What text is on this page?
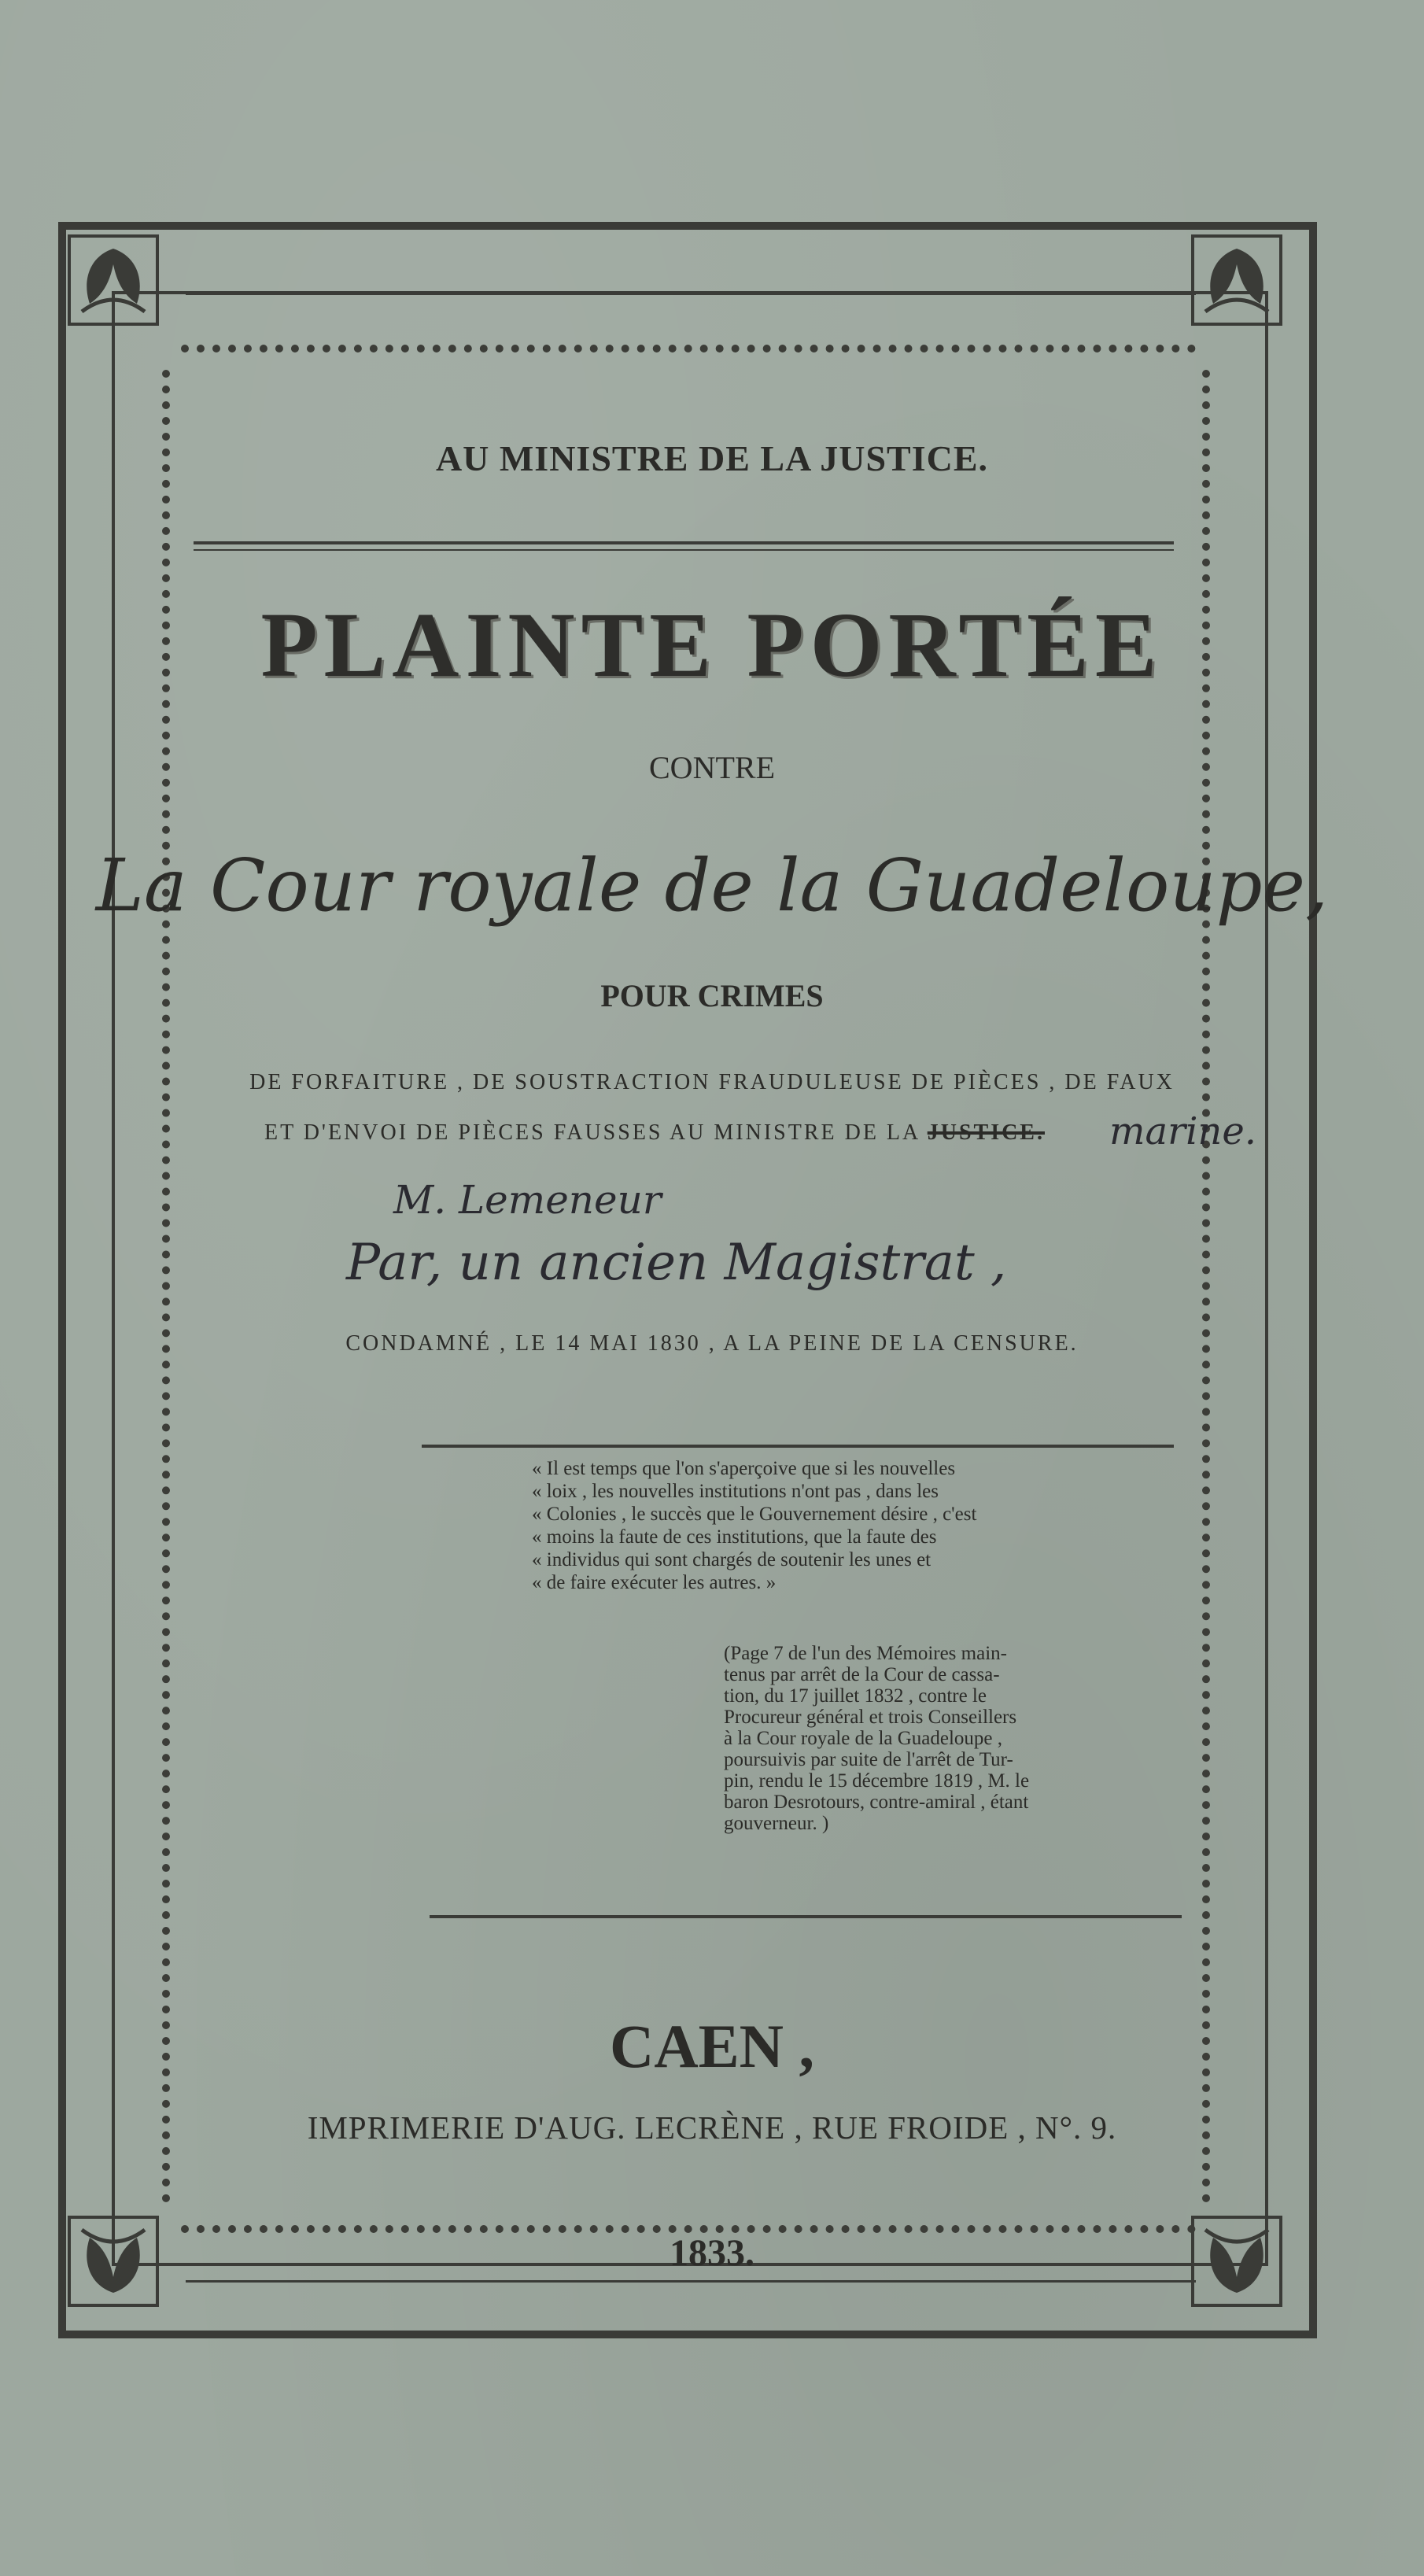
AU MINISTRE DE LA JUSTICE.
PLAINTE PORTÉE
CONTRE
La Cour royale de la Guadeloupe,
POUR CRIMES
DE FORFAITURE , DE SOUSTRACTION FRAUDULEUSE DE PIÈCES , DE FAUX
ET D'ENVOI DE PIÈCES FAUSSES AU MINISTRE DE LA JUSTICE. marine.
M. Lemeneur
Par, un ancien Magistrat ,
CONDAMNÉ , LE 14 MAI 1830 , A LA PEINE DE LA CENSURE.
« Il est temps que l'on s'aperçoive que si les nouvelles
« loix , les nouvelles institutions n'ont pas , dans les
« Colonies , le succès que le Gouvernement désire , c'est
« moins la faute de ces institutions, que la faute des
« individus qui sont chargés de soutenir les unes et
« de faire exécuter les autres. »
(Page 7 de l'un des Mémoires main-
tenus par arrêt de la Cour de cassa-
tion, du 17 juillet 1832 , contre le
Procureur général et trois Conseillers
à la Cour royale de la Guadeloupe ,
poursuivis par suite de l'arrêt de Tur-
pin, rendu le 15 décembre 1819 , M. le
baron Desrotours, contre-amiral , étant
gouverneur. )
CAEN ,
IMPRIMERIE D'AUG. LECRÈNE , RUE FROIDE , N°. 9.
1833.
